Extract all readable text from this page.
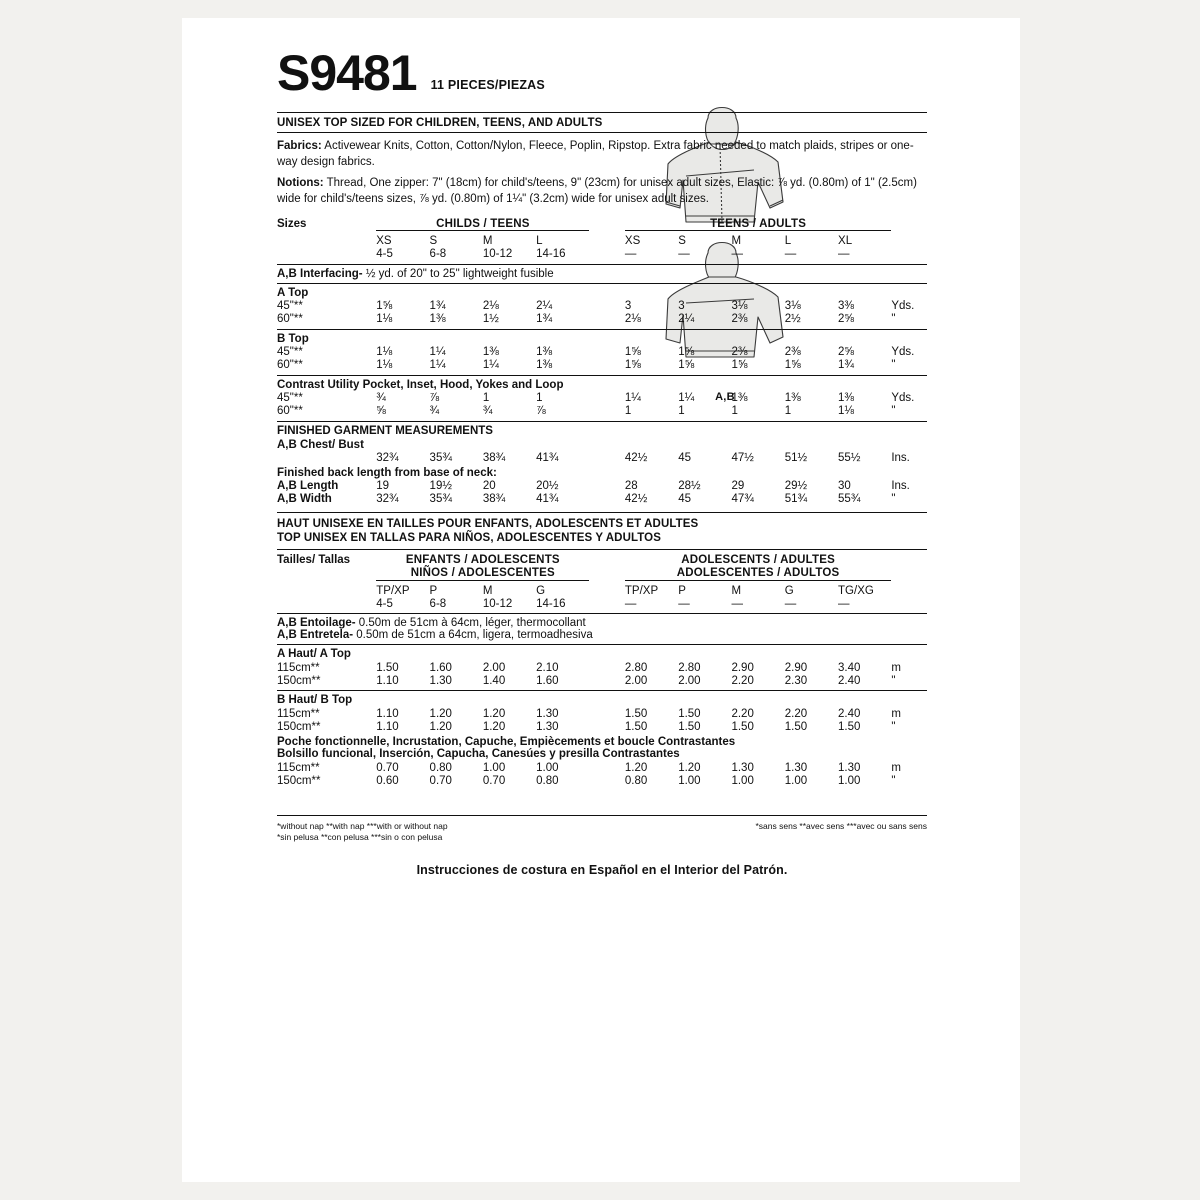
A,B
S9481 11 PIECES/PIEZAS
UNISEX TOP SIZED FOR CHILDREN, TEENS, AND ADULTS
Fabrics: Activewear Knits, Cotton, Cotton/Nylon, Fleece, Poplin, Ripstop. Extra fabric needed to match plaids, stripes or one-way design fabrics.
Notions: Thread, One zipper: 7" (18cm) for child's/teens, 9" (23cm) for unisex adult sizes, Elastic: ⅞ yd. (0.80m) of 1" (2.5cm) wide for child's/teens sizes, ⅞ yd. (0.80m) of 1¼" (3.2cm) wide for unisex adult sizes.
Sizes	CHILDS / TEENS					TEENS / ADULTS					
	XS	S	M	L		XS	S	M	L	XL	
	4-5	6-8	10-12	14-16		—	—	—	—	—	
A,B Interfacing- ½ yd. of 20" to 25" lightweight fusible
A Top
45"**	1⅝	1¾	2⅛	2¼		3	3	3⅛	3⅛	3⅜	Yds.
60"**	1⅛	1⅜	1½	1¾		2⅛	2¼	2⅜	2½	2⅝	"
B Top
45"**	1⅛	1¼	1⅜	1⅜		1⅝	1⅝	2⅜	2⅜	2⅝	Yds.
60"**	1⅛	1¼	1¼	1⅜		1⅝	1⅝	1⅝	1⅝	1¾	"
Contrast Utility Pocket, Inset, Hood, Yokes and Loop
45"**	¾	⅞	1	1		1¼	1¼	1⅜	1⅜	1⅜	Yds.
60"**	⅝	¾	¾	⅞		1	1	1	1	1⅛	"
FINISHED GARMENT MEASUREMENTS
A,B Chest/ Bust
	32¾	35¾	38¾	41¾		42½	45	47½	51½	55½	Ins.
Finished back length from base of neck:
A,B Length	19	19½	20	20½		28	28½	29	29½	30	Ins.
A,B Width	32¾	35¾	38¾	41¾		42½	45	47¾	51¾	55¾	"
HAUT UNISEXE EN TAILLES POUR ENFANTS, ADOLESCENTS ET ADULTES
TOP UNISEX EN TALLAS PARA NIÑOS, ADOLESCENTES Y ADULTOS
Tailles/ Tallas	ENFANTS / ADOLESCENTS					ADOLESCENTS / ADULTES					
	NIÑOS / ADOLESCENTES					ADOLESCENTES / ADULTOS					
	TP/XP	P	M	G		TP/XP	P	M	G	TG/XG	
	4-5	6-8	10-12	14-16		—	—	—	—	—	
A,B Entoilage- 0.50m de 51cm à 64cm, léger, thermocollant
A,B Entretela- 0.50m de 51cm a 64cm, ligera, termoadhesiva
A Haut/ A Top
115cm**	1.50	1.60	2.00	2.10		2.80	2.80	2.90	2.90	3.40	m
150cm**	1.10	1.30	1.40	1.60		2.00	2.00	2.20	2.30	2.40	"
B Haut/ B Top
115cm**	1.10	1.20	1.20	1.30		1.50	1.50	2.20	2.20	2.40	m
150cm**	1.10	1.20	1.20	1.30		1.50	1.50	1.50	1.50	1.50	"
Poche fonctionnelle, Incrustation, Capuche, Empiècements et boucle Contrastantes
Bolsillo funcional, Inserción, Capucha, Canesúes y presilla Contrastantes
115cm**	0.70	0.80	1.00	1.00		1.20	1.20	1.30	1.30	1.30	m
150cm**	0.60	0.70	0.70	0.80		0.80	1.00	1.00	1.00	1.00	"
*without nap **with nap ***with or without nap
*sin pelusa **con pelusa ***sin o con pelusa
*sans sens **avec sens ***avec ou sans sens
Instrucciones de costura en Español en el Interior del Patrón.
